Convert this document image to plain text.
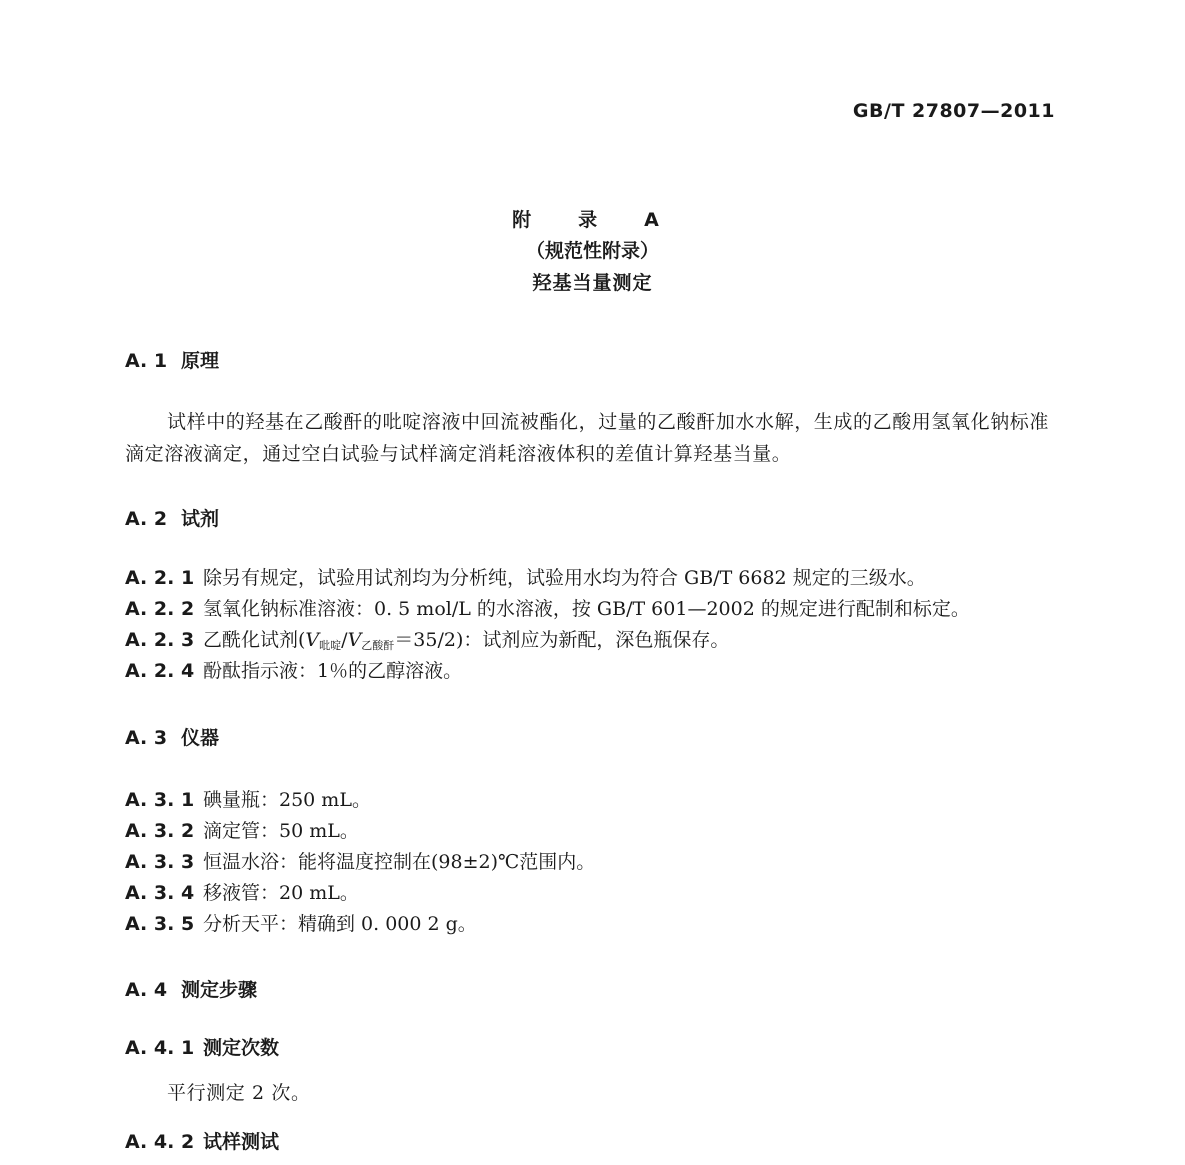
GB/T 27807—2011
附　录　A
（规范性附录）
羟基当量测定
A. 1 原理
试样中的羟基在乙酸酐的吡啶溶液中回流被酯化，过量的乙酸酐加水水解，生成的乙酸用氢氧化钠标准滴定溶液滴定，通过空白试验与试样滴定消耗溶液体积的差值计算羟基当量。
A. 2 试剂
A. 2. 1 除另有规定，试验用试剂均为分析纯，试验用水均为符合 GB/T 6682 规定的三级水。
A. 2. 2 氢氧化钠标准溶液：0. 5 mol/L 的水溶液，按 GB/T 601—2002 的规定进行配制和标定。
A. 2. 3 乙酰化试剂$(V_{吡啶}/V_{乙酸酐}=35/2)$：试剂应为新配，深色瓶保存。
A. 2. 4 酚酞指示液：1％的乙醇溶液。
A. 3 仪器
A. 3. 1 碘量瓶：250 mL。
A. 3. 2 滴定管：50 mL。
A. 3. 3 恒温水浴：能将温度控制在(98±2)℃范围内。
A. 3. 4 移液管：20 mL。
A. 3. 5 分析天平：精确到 0. 000 2 g。
A. 4 测定步骤
A. 4. 1 测定次数
平行测定 2 次。
A. 4. 2 试样测试
